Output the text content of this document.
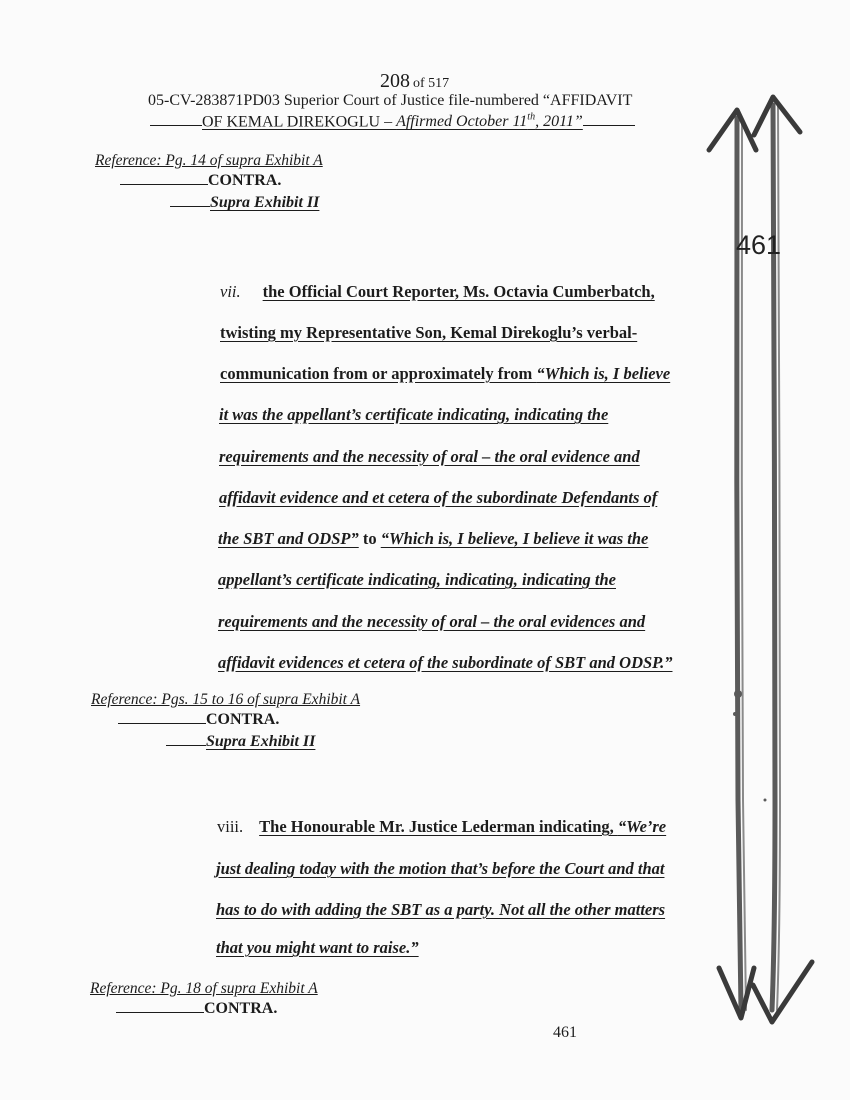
208 of 517
05-CV-283871PD03 Superior Court of Justice file-numbered “AFFIDAVIT
OF KEMAL DIREKOGLU – Affirmed October 11th, 2011”
Reference: Pg. 14 of supra Exhibit A
CONTRA.
Supra Exhibit II
vii. the Official Court Reporter, Ms. Octavia Cumberbatch,
twisting my Representative Son, Kemal Direkoglu’s verbal-
communication from or approximately from “Which is, I believe
it was the appellant’s certificate indicating, indicating the
requirements and the necessity of oral – the oral evidence and
affidavit evidence and et cetera of the subordinate Defendants of
the SBT and ODSP” to “Which is, I believe, I believe it was the
appellant’s certificate indicating, indicating, indicating the
requirements and the necessity of oral – the oral evidences and
affidavit evidences et cetera of the subordinate of SBT and ODSP.”
Reference: Pgs. 15 to 16 of supra Exhibit A
CONTRA.
Supra Exhibit II
viii. The Honourable Mr. Justice Lederman indicating, “We’re
just dealing today with the motion that’s before the Court and that
has to do with adding the SBT as a party. Not all the other matters
that you might want to raise.”
Reference: Pg. 18 of supra Exhibit A
CONTRA.
461
461
